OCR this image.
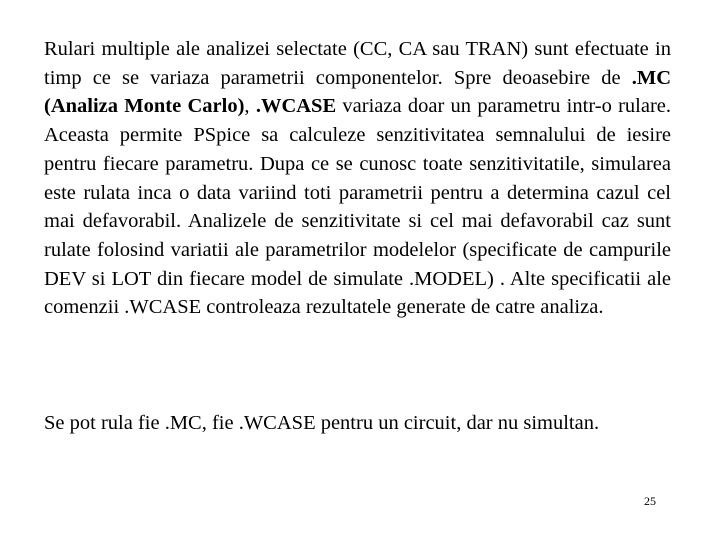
Rulari multiple ale analizei selectate (CC, CA sau TRAN) sunt efectuate in timp ce se variaza parametrii componentelor. Spre deoasebire de .MC (Analiza Monte Carlo), .WCASE variaza doar un parametru intr-o rulare. Aceasta permite PSpice sa calculeze senzitivitatea semnalului de iesire pentru fiecare parametru. Dupa ce se cunosc toate senzitivitatile, simularea este rulata inca o data variind toti parametrii pentru a determina cazul cel mai defavorabil. Analizele de senzitivitate si cel mai defavorabil caz sunt rulate folosind variatii ale parametrilor modelelor (specificate de campurile DEV si LOT din fiecare model de simulate .MODEL) . Alte specificatii ale comenzii .WCASE controleaza rezultatele generate de catre analiza.

Se pot rula fie .MC, fie .WCASE pentru un circuit, dar nu simultan.

25
